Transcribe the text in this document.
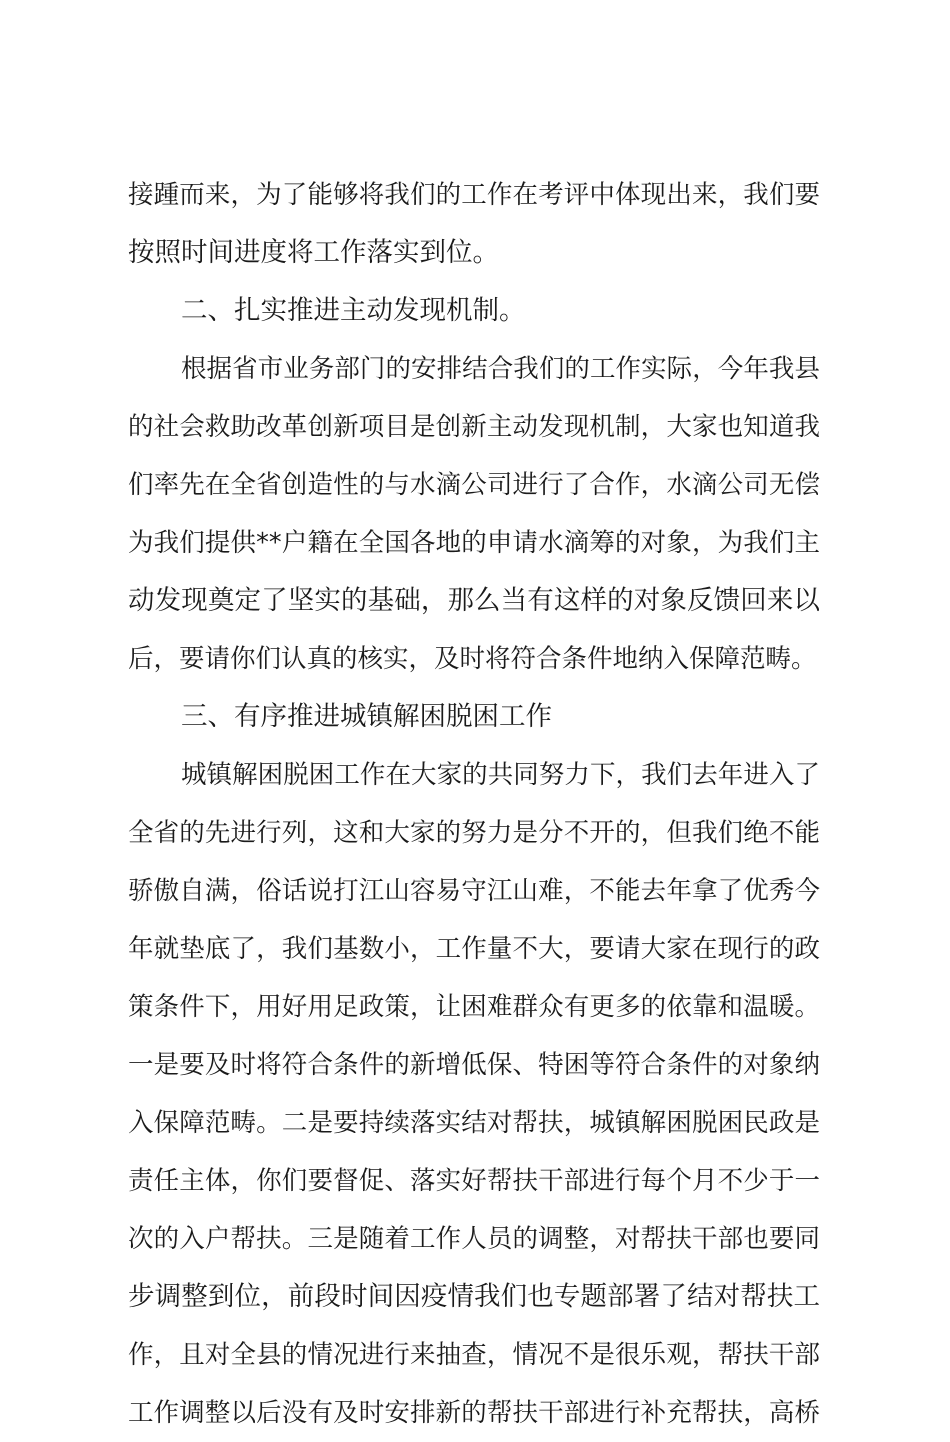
接踵而来，为了能够将我们的工作在考评中体现出来，我们要
按照时间进度将工作落实到位。
二、扎实推进主动发现机制。
根据省市业务部门的安排结合我们的工作实际，今年我县
的社会救助改革创新项目是创新主动发现机制，大家也知道我
们率先在全省创造性的与水滴公司进行了合作，水滴公司无偿
为我们提供**户籍在全国各地的申请水滴筹的对象，为我们主
动发现奠定了坚实的基础，那么当有这样的对象反馈回来以
后，要请你们认真的核实，及时将符合条件地纳入保障范畴。
三、有序推进城镇解困脱困工作
城镇解困脱困工作在大家的共同努力下，我们去年进入了
全省的先进行列，这和大家的努力是分不开的，但我们绝不能
骄傲自满，俗话说打江山容易守江山难，不能去年拿了优秀今
年就垫底了，我们基数小，工作量不大，要请大家在现行的政
策条件下，用好用足政策，让困难群众有更多的依靠和温暖。
一是要及时将符合条件的新增低保、特困等符合条件的对象纳
入保障范畴。二是要持续落实结对帮扶，城镇解困脱困民政是
责任主体，你们要督促、落实好帮扶干部进行每个月不少于一
次的入户帮扶。三是随着工作人员的调整，对帮扶干部也要同
步调整到位，前段时间因疫情我们也专题部署了结对帮扶工
作，且对全县的情况进行来抽查，情况不是很乐观，帮扶干部
工作调整以后没有及时安排新的帮扶干部进行补充帮扶，高桥
